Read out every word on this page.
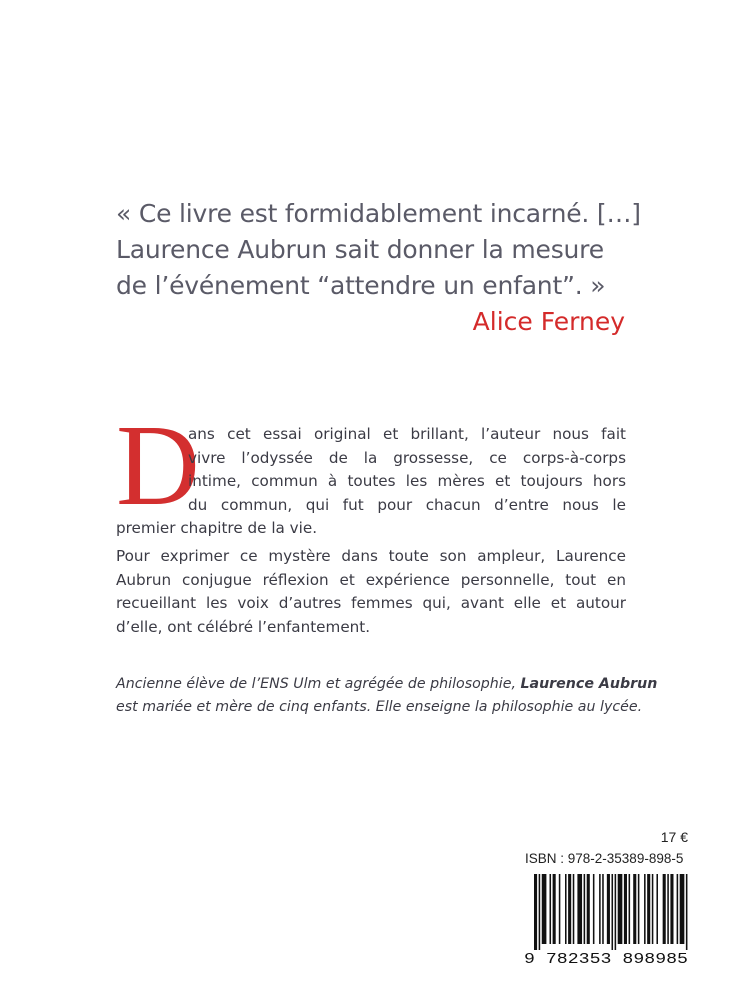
« Ce livre est formidablement incarné. […]
Laurence Aubrun sait donner la mesure
de l’événement “attendre un enfant”. »
Alice Ferney
D
ans cet essai original et brillant, l’auteur nous fait
vivre l’odyssée de la grossesse, ce corps-à-corps
intime, commun à toutes les mères et toujours hors
du commun, qui fut pour chacun d’entre nous le
premier chapitre de la vie.
Pour exprimer ce mystère dans toute son ampleur, Laurence
Aubrun conjugue réflexion et expérience personnelle, tout en
recueillant les voix d’autres femmes qui, avant elle et autour
d’elle, ont célébré l’enfantement.
Ancienne élève de l’ENS Ulm et agrégée de philosophie, Laurence Aubrun
est mariée et mère de cinq enfants. Elle enseigne la philosophie au lycée.
17 €
ISBN : 978-2-35389-898-5
9 782353 898985
